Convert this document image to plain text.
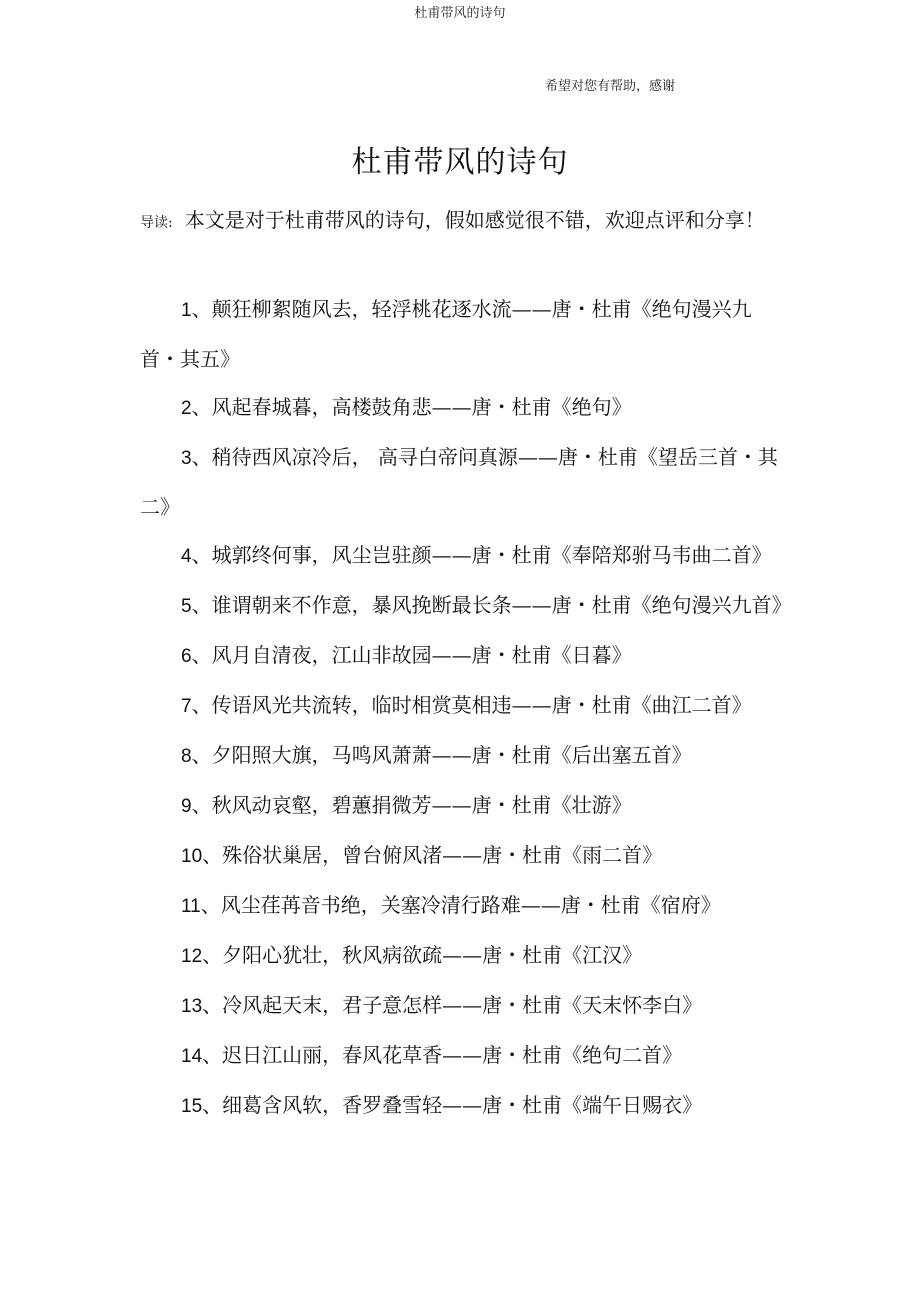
杜甫带风的诗句
希望对您有帮助，感谢
杜甫带风的诗句
导读: 本文是对于杜甫带风的诗句，假如感觉很不错，欢迎点评和分享！
1、颠狂柳絮随风去，轻浮桃花逐水流——唐・杜甫《绝句漫兴九首・其五》
2、风起春城暮，高楼鼓角悲——唐・杜甫《绝句》
3、稍待西风凉冷后， 高寻白帝问真源——唐・杜甫《望岳三首・其二》
4、城郭终何事，风尘岂驻颜——唐・杜甫《奉陪郑驸马韦曲二首》
5、谁谓朝来不作意，暴风挽断最长条——唐・杜甫《绝句漫兴九首》
6、风月自清夜，江山非故园——唐・杜甫《日暮》
7、传语风光共流转，临时相赏莫相违——唐・杜甫《曲江二首》
8、夕阳照大旗，马鸣风萧萧——唐・杜甫《后出塞五首》
9、秋风动哀壑，碧蕙捐微芳——唐・杜甫《壮游》
10、殊俗状巢居，曾台俯风渚——唐・杜甫《雨二首》
11、风尘荏苒音书绝，关塞冷清行路难——唐・杜甫《宿府》
12、夕阳心犹壮，秋风病欲疏——唐・杜甫《江汉》
13、冷风起天末，君子意怎样——唐・杜甫《天末怀李白》
14、迟日江山丽，春风花草香——唐・杜甫《绝句二首》
15、细葛含风软，香罗叠雪轻——唐・杜甫《端午日赐衣》
